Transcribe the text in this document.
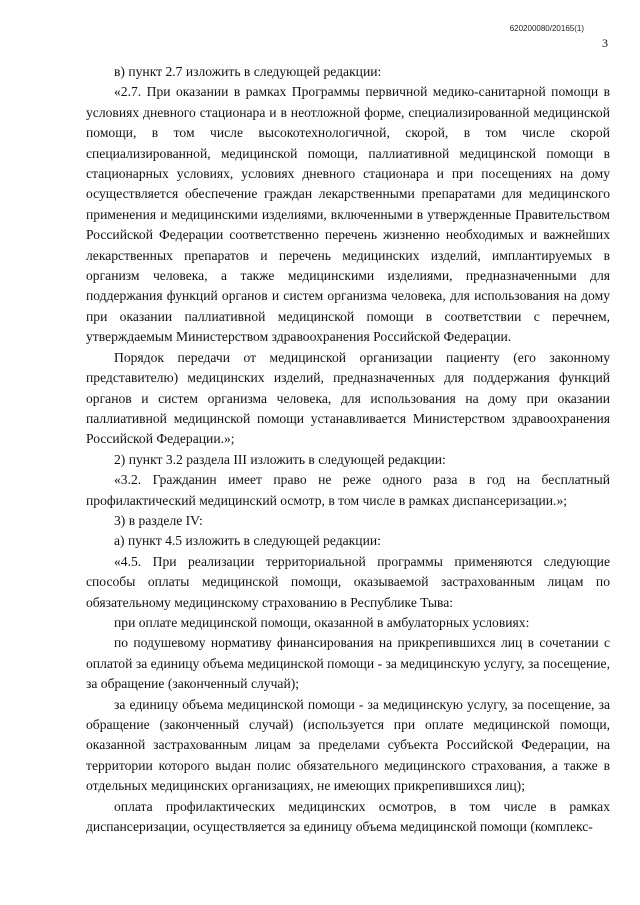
620200080/20165(1)
3

в) пункт 2.7 изложить в следующей редакции:

«2.7. При оказании в рамках Программы первичной медико-санитарной помощи в условиях дневного стационара и в неотложной форме, специализированной медицинской помощи, в том числе высокотехнологичной, скорой, в том числе скорой специализированной, медицинской помощи, паллиативной медицинской помощи в стационарных условиях, условиях дневного стационара и при посещениях на дому осуществляется обеспечение граждан лекарственными препаратами для медицинского применения и медицинскими изделиями, включенными в утвержденные Правительством Российской Федерации соответственно перечень жизненно необходимых и важнейших лекарственных препаратов и перечень медицинских изделий, имплантируемых в организм человека, а также медицинскими изделиями, предназначенными для поддержания функций органов и систем организма человека, для использования на дому при оказании паллиативной медицинской помощи в соответствии с перечнем, утверждаемым Министерством здравоохранения Российской Федерации.

Порядок передачи от медицинской организации пациенту (его законному представителю) медицинских изделий, предназначенных для поддержания функций органов и систем организма человека, для использования на дому при оказании паллиативной медицинской помощи устанавливается Министерством здравоохранения Российской Федерации.»;

2) пункт 3.2 раздела III изложить в следующей редакции:

«3.2. Гражданин имеет право не реже одного раза в год на бесплатный профилактический медицинский осмотр, в том числе в рамках диспансеризации.»;

3) в разделе IV:

а) пункт 4.5 изложить в следующей редакции:

«4.5. При реализации территориальной программы применяются следующие способы оплаты медицинской помощи, оказываемой застрахованным лицам по обязательному медицинскому страхованию в Республике Тыва:

при оплате медицинской помощи, оказанной в амбулаторных условиях:

по подушевому нормативу финансирования на прикрепившихся лиц в сочетании с оплатой за единицу объема медицинской помощи - за медицинскую услугу, за посещение, за обращение (законченный случай);

за единицу объема медицинской помощи - за медицинскую услугу, за посещение, за обращение (законченный случай) (используется при оплате медицинской помощи, оказанной застрахованным лицам за пределами субъекта Российской Федерации, на территории которого выдан полис обязательного медицинского страхования, а также в отдельных медицинских организациях, не имеющих прикрепившихся лиц);

оплата профилактических медицинских осмотров, в том числе в рамках диспансеризации, осуществляется за единицу объема медицинской помощи (комплекс-
